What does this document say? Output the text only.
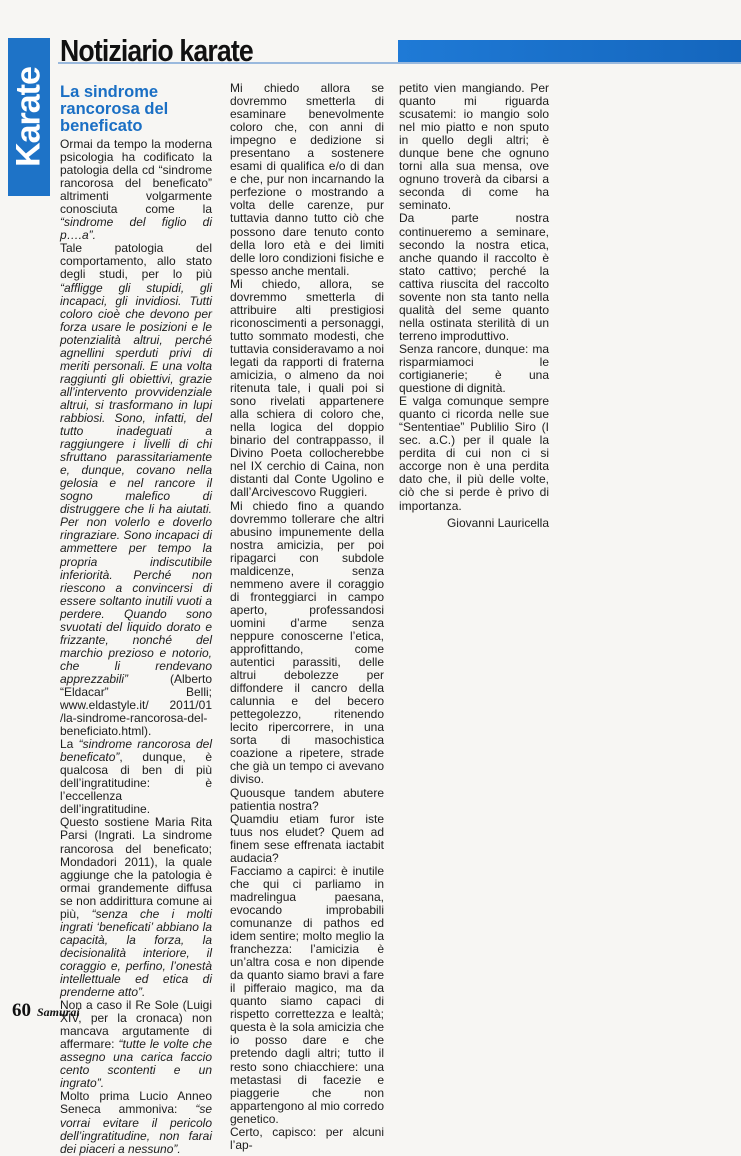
Karate
Notiziario karate
La sindrome rancorosa del beneficato

Ormai da tempo la moderna psicologia ha codificato la patologia della cd “sindrome rancorosa del beneficato” altrimenti volgarmente conosciuta come la “sindrome del figlio di p….a”.

Tale patologia del comportamento, allo stato degli studi, per lo più “affligge gli stupidi, gli incapaci, gli invidiosi. Tutti coloro cioè che devono per forza usare le posizioni e le potenzialità altrui, perché agnellini sperduti privi di meriti personali. E una volta raggiunti gli obiettivi, grazie all’intervento provvidenziale altrui, si trasformano in lupi rabbiosi. Sono, infatti, del tutto inadeguati a raggiungere i livelli di chi sfruttano parassitariamente e, dunque, covano nella gelosia e nel rancore il sogno malefico di distruggere che li ha aiutati. Per non volerlo e doverlo ringraziare. Sono incapaci di ammettere per tempo la propria indiscutibile inferiorità. Perché non riescono a convincersi di essere soltanto inutili vuoti a perdere. Quando sono svuotati del liquido dorato e frizzante, nonché del marchio prezioso e notorio, che li rendevano apprezzabili” (Alberto “Eldacar” Belli; www.eldastyle.it/ 2011/01 /la-sindrome-rancorosa-del-beneficiato.html).

La “sindrome rancorosa del beneficato”, dunque, è qualcosa di ben di più dell’ingratitudine: è l’eccellenza dell’ingratitudine.

Questo sostiene Maria Rita Parsi (Ingrati. La sindrome rancorosa del beneficato; Mondadori 2011), la quale aggiunge che la patologia è ormai grandemente diffusa se non addirittura comune ai più, “senza che i molti ingrati ‘beneficati’ abbiano la capacità, la forza, la decisionalità interiore, il coraggio e, perfino, l’onestà intellettuale ed etica di prenderne atto”.

Non a caso il Re Sole (Luigi XIV, per la cronaca) non mancava argutamente di affermare: “tutte le volte che assegno una carica faccio cento scontenti e un ingrato”.

Molto prima Lucio Anneo Seneca ammoniva: “se vorrai evitare il pericolo dell’ingratitudine, non farai dei piaceri a nessuno”.

Mi chiedo allora se dovremmo smetterla di esaminare benevolmente coloro che, con anni di impegno e dedizione si presentano a sostenere esami di qualifica e/o di dan e che, pur non incarnando la perfezione o mostrando a volta delle carenze, pur tuttavia danno tutto ciò che possono dare tenuto conto della loro età e dei limiti delle loro condizioni fisiche e spesso anche mentali.

Mi chiedo, allora, se dovremmo smetterla di attribuire alti prestigiosi riconoscimenti a personaggi, tutto sommato modesti, che tuttavia consideravamo a noi legati da rapporti di fraterna amicizia, o almeno da noi ritenuta tale, i quali poi si sono rivelati appartenere alla schiera di coloro che, nella logica del doppio binario del contrappasso, il Divino Poeta collocherebbe nel IX cerchio di Caina, non distanti dal Conte Ugolino e dall’Arcivescovo Ruggieri.

Mi chiedo fino a quando dovremmo tollerare che altri abusino impunemente della nostra amicizia, per poi ripagarci con subdole maldicenze, senza nemmeno avere il coraggio di fronteggiarci in campo aperto, professandosi uomini d’arme senza neppure conoscerne l’etica, approfittando, come autentici parassiti, delle altrui debolezze per diffondere il cancro della calunnia e del becero pettegolezzo, ritenendo lecito ripercorrere, in una sorta di masochistica coazione a ripetere, strade che già un tempo ci avevano diviso.

Quousque tandem abutere patientia nostra?

Quamdiu etiam furor iste tuus nos eludet? Quem ad finem sese effrenata iactabit audacia?

Facciamo a capirci: è inutile che qui ci parliamo in madrelingua paesana, evocando improbabili comunanze di pathos ed idem sentire; molto meglio la franchezza: l’amicizia è un’altra cosa e non dipende da quanto siamo bravi a fare il pifferaio magico, ma da quanto siamo capaci di rispetto correttezza e lealtà; questa è la sola amicizia che io posso dare e che pretendo dagli altri; tutto il resto sono chiacchiere: una metastasi di facezie e piaggerie che non appartengono al mio corredo genetico.

Certo, capisco: per alcuni l’ap-

petito vien mangiando. Per quanto mi riguarda scusatemi: io mangio solo nel mio piatto e non sputo in quello degli altri; è dunque bene che ognuno torni alla sua mensa, ove ognuno troverà da cibarsi a seconda di come ha seminato.

Da parte nostra continueremo a seminare, secondo la nostra etica, anche quando il raccolto è stato cattivo; perché la cattiva riuscita del raccolto sovente non sta tanto nella qualità del seme quanto nella ostinata sterilità di un terreno improduttivo.

Senza rancore, dunque: ma risparmiamoci le cortigianerie; è una questione di dignità.

E valga comunque sempre quanto ci ricorda nelle sue “Sententiae” Publilio Siro (I sec. a.C.) per il quale la perdita di cui non ci si accorge non è una perdita dato che, il più delle volte, ciò che si perde è privo di importanza.

Giovanni Lauricella

60 Samurai
